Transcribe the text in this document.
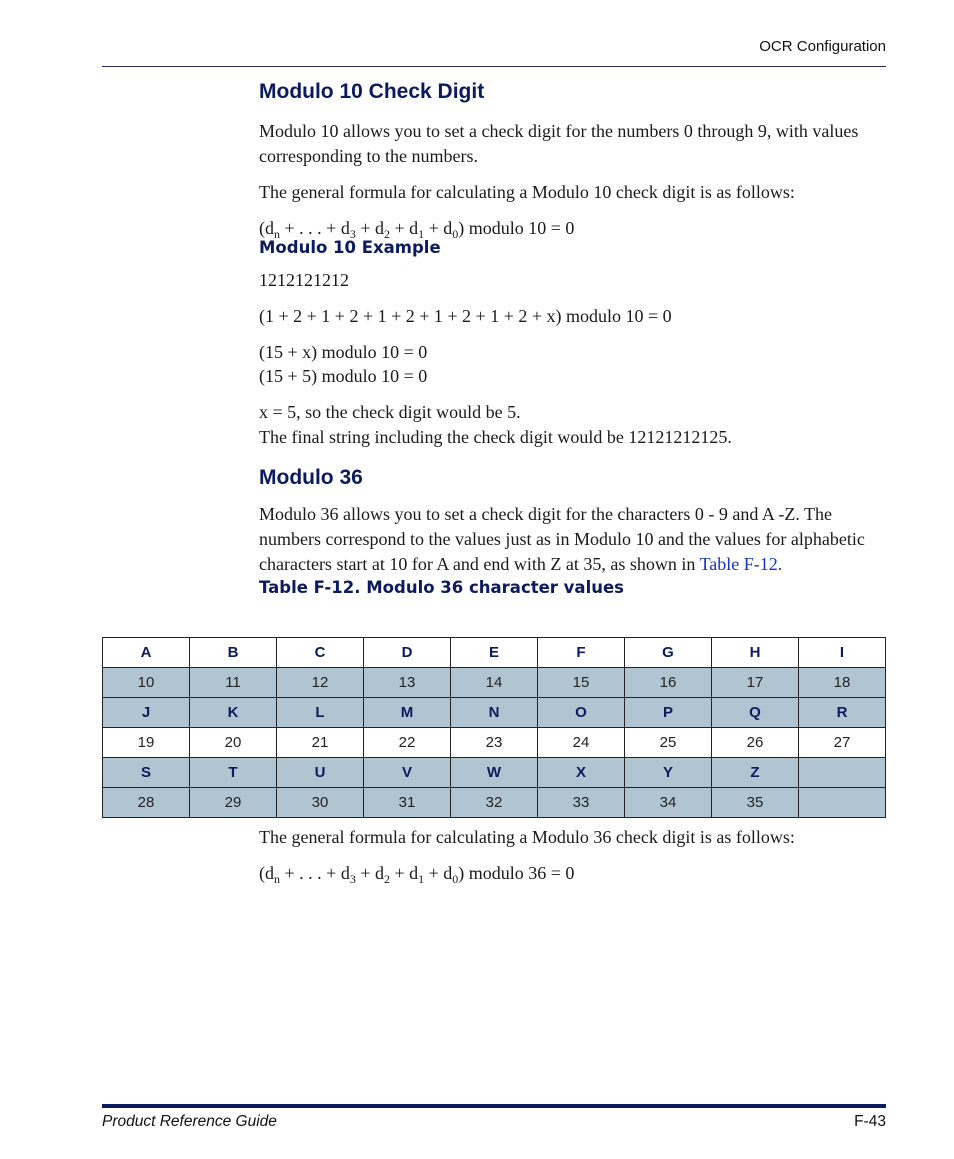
OCR Configuration
Modulo 10 Check Digit

Modulo 10 allows you to set a check digit for the numbers 0 through 9, with values corresponding to the numbers.

The general formula for calculating a Modulo 10 check digit is as follows:

($d_n$ + . . . + $d_3 + d_2 + d_1 + d_0$) modulo 10 = 0

Modulo 10 Example

1212121212

(1 + 2 + 1 + 2 + 1 + 2 + 1 + 2 + 1 + 2 + x) modulo 10 = 0

(15 + x) modulo 10 = 0

(15 + 5) modulo 10 = 0

x = 5, so the check digit would be 5.

The final string including the check digit would be 12121212125.

Modulo 36

Modulo 36 allows you to set a check digit for the characters 0 - 9 and A -Z. The numbers correspond to the values just as in Modulo 10 and the values for alphabetic characters start at 10 for A and end with Z at 35, as shown in Table F-12.

Table F-12. Modulo 36 character values
A	B	C	D	E	F	G	H	I
10	11	12	13	14	15	16	17	18
J	K	L	M	N	O	P	Q	R
19	20	21	22	23	24	25	26	27
S	T	U	V	W	X	Y	Z	
28	29	30	31	32	33	34	35	

The general formula for calculating a Modulo 36 check digit is as follows:

($d_n$ + . . . + $d_3 + d_2 + d_1 + d_0$) modulo 36 = 0

Product Reference Guide	F-43
